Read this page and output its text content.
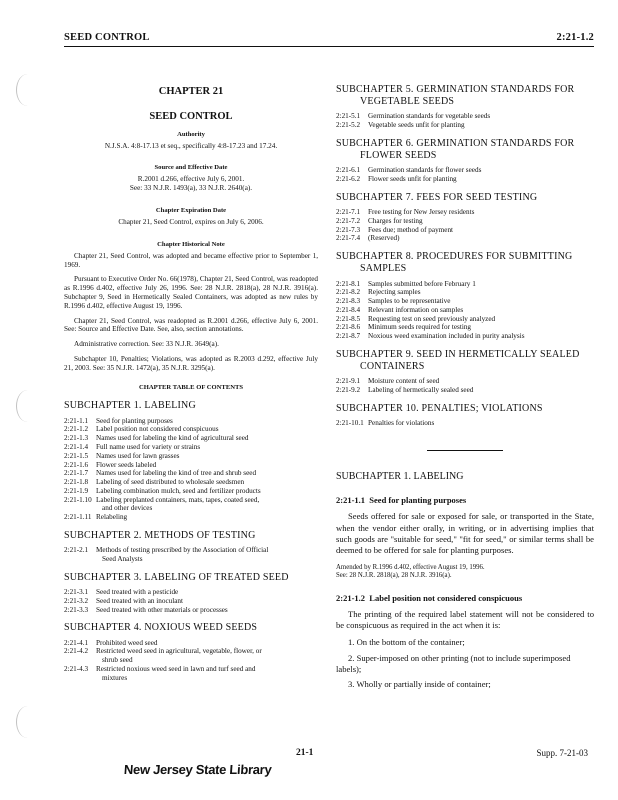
SEED CONTROL	2:21-1.2
CHAPTER 21
SEED CONTROL
Authority

N.J.S.A. 4:8-17.13 et seq., specifically 4:8-17.23 and 17.24.

Source and Effective Date

R.2001 d.266, effective July 6, 2001.

See: 33 N.J.R. 1493(a), 33 N.J.R. 2640(a).

Chapter Expiration Date

Chapter 21, Seed Control, expires on July 6, 2006.

Chapter Historical Note

Chapter 21, Seed Control, was adopted and became effective prior to September 1, 1969.

Pursuant to Executive Order No. 66(1978), Chapter 21, Seed Control, was readopted as R.1996 d.402, effective July 26, 1996. See: 28 N.J.R. 2818(a), 28 N.J.R. 3916(a). Subchapter 9, Seed in Hermetically Sealed Containers, was adopted as new rules by R.1996 d.402, effective August 19, 1996.

Chapter 21, Seed Control, was readopted as R.2001 d.266, effective July 6, 2001. See: Source and Effective Date. See, also, section annotations.

Administrative correction. See: 33 N.J.R. 3649(a).

Subchapter 10, Penalties; Violations, was adopted as R.2003 d.292, effective July 21, 2003. See: 35 N.J.R. 1472(a), 35 N.J.R. 3295(a).

CHAPTER TABLE OF CONTENTS
SUBCHAPTER 1. LABELING
2:21-1.1	Seed for planting purposes
2:21-1.2	Label position not considered conspicuous
2:21-1.3	Names used for labeling the kind of agricultural seed
2:21-1.4	Full name used for variety or strains
2:21-1.5	Names used for lawn grasses
2:21-1.6	Flower seeds labeled
2:21-1.7	Names used for labeling the kind of tree and shrub seed
2:21-1.8	Labeling of seed distributed to wholesale seedsmen
2:21-1.9	Labeling combination mulch, seed and fertilizer products
2:21-1.10 Labeling preplanted containers, mats, tapes, coated seed,
and other devices
2:21-1.11 Relabeling
SUBCHAPTER 2. METHODS OF TESTING
2:21-2.1	Methods of testing prescribed by the Association of Official
Seed Analysts
SUBCHAPTER 3. LABELING OF TREATED SEED
2:21-3.1	Seed treated with a pesticide
2:21-3.2	Seed treated with an inoculant
2:21-3.3	Seed treated with other materials or processes
SUBCHAPTER 4. NOXIOUS WEED SEEDS
2:21-4.1	Prohibited weed seed
2:21-4.2	Restricted weed seed in agricultural, vegetable, flower, or
shrub seed
2:21-4.3	Restricted noxious weed seed in lawn and turf seed and
mixtures
SUBCHAPTER 5. GERMINATION STANDARDS FOR
VEGETABLE SEEDS
2:21-5.1	Germination standards for vegetable seeds
2:21-5.2	Vegetable seeds unfit for planting
SUBCHAPTER 6. GERMINATION STANDARDS FOR
FLOWER SEEDS
2:21-6.1	Germination standards for flower seeds
2:21-6.2	Flower seeds unfit for planting
SUBCHAPTER 7. FEES FOR SEED TESTING
2:21-7.1	Free testing for New Jersey residents
2:21-7.2	Charges for testing
2:21-7.3	Fees due; method of payment
2:21-7.4	(Reserved)
SUBCHAPTER 8. PROCEDURES FOR SUBMITTING
SAMPLES
2:21-8.1	Samples submitted before February 1
2:21-8.2	Rejecting samples
2:21-8.3	Samples to be representative
2:21-8.4	Relevant information on samples
2:21-8.5	Requesting test on seed previously analyzed
2:21-8.6	Minimum seeds required for testing
2:21-8.7	Noxious weed examination included in purity analysis
SUBCHAPTER 9. SEED IN HERMETICALLY SEALED
CONTAINERS
2:21-9.1	Moisture content of seed
2:21-9.2	Labeling of hermetically sealed seed
SUBCHAPTER 10. PENALTIES; VIOLATIONS
2:21-10.1 Penalties for violations
SUBCHAPTER 1. LABELING
2:21-1.1 Seed for planting purposes

Seeds offered for sale or exposed for sale, or transported in the State, when the vendor either orally, in writing, or in advertising implies that such goods are "suitable for seed," "fit for seed," or similar terms shall be deemed to be offered for sale for planting purposes.

Amended by R.1996 d.402, effective August 19, 1996.
See: 28 N.J.R. 2818(a), 28 N.J.R. 3916(a).
2:21-1.2 Label position not considered conspicuous

The printing of the required label statement will not be considered to be conspicuous as required in the act when it is:

1. On the bottom of the container;
2. Super-imposed on other printing (not to include superimposed labels);
3. Wholly or partially inside of container;
21-1	Supp. 7-21-03
New Jersey State Library
